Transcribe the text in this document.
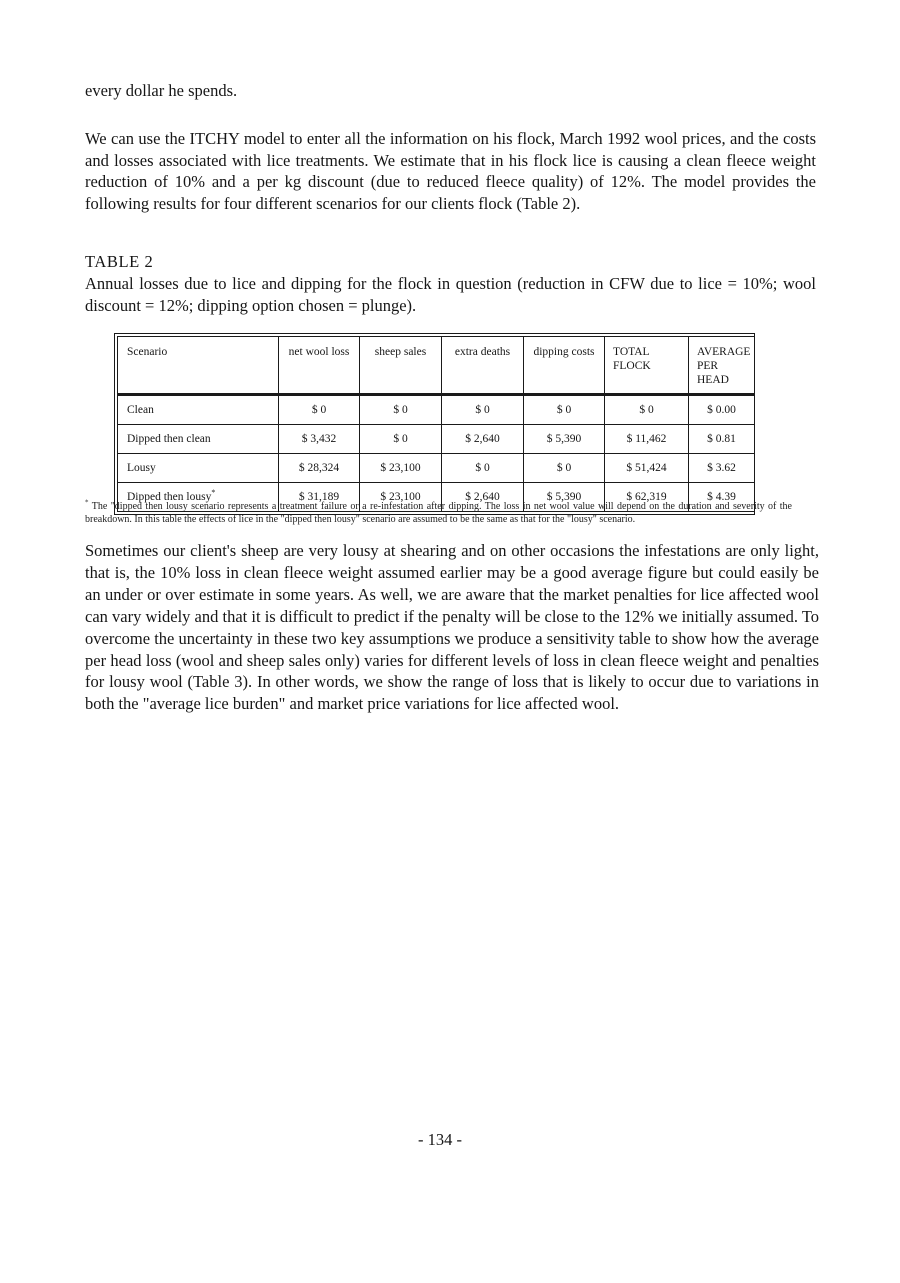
every dollar he spends.
We can use the ITCHY model to enter all the information on his flock, March 1992 wool prices, and the costs and losses associated with lice treatments. We estimate that in his flock lice is causing a clean fleece weight reduction of 10% and a per kg discount (due to reduced fleece quality) of 12%. The model provides the following results for four different scenarios for our clients flock (Table 2).
TABLE 2
Annual losses due to lice and dipping for the flock in question (reduction in CFW due to lice = 10%; wool discount = 12%; dipping option chosen = plunge).
Scenario	net wool loss	sheep sales	extra deaths	dipping costs	TOTAL FLOCK	AVERAGE PER HEAD
Clean	$ 0	$ 0	$ 0	$ 0	$ 0	$ 0.00
Dipped then clean	$ 3,432	$ 0	$ 2,640	$ 5,390	$ 11,462	$ 0.81
Lousy	$ 28,324	$ 23,100	$ 0	$ 0	$ 51,424	$ 3.62
Dipped then lousy*	$ 31,189	$ 23,100	$ 2,640	$ 5,390	$ 62,319	$ 4.39
* The "dipped then lousy scenario represents a treatment failure or a re-infestation after dipping. The loss in net wool value will depend on the duration and severity of the breakdown. In this table the effects of lice in the "dipped then lousy" scenario are assumed to be the same as that for the "lousy" scenario.
Sometimes our client's sheep are very lousy at shearing and on other occasions the infestations are only light, that is, the 10% loss in clean fleece weight assumed earlier may be a good average figure but could easily be an under or over estimate in some years. As well, we are aware that the market penalties for lice affected wool can vary widely and that it is difficult to predict if the penalty will be close to the 12% we initially assumed. To overcome the uncertainty in these two key assumptions we produce a sensitivity table to show how the average per head loss (wool and sheep sales only) varies for different levels of loss in clean fleece weight and penalties for lousy wool (Table 3). In other words, we show the range of loss that is likely to occur due to variations in both the "average lice burden" and market price variations for lice affected wool.
- 134 -
